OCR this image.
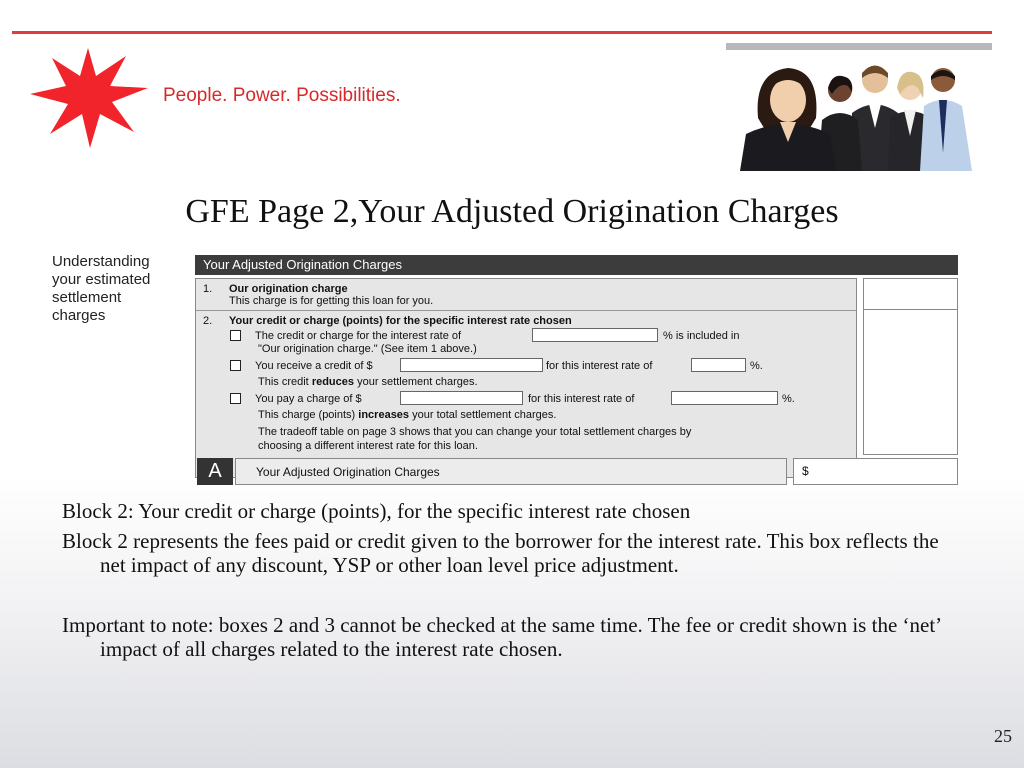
People. Power. Possibilities.
GFE Page 2,Your Adjusted Origination Charges
Understanding
your estimated
settlement
charges
Your Adjusted Origination Charges
1. Our origination charge
This charge is for getting this loan for you.
2. Your credit or charge (points) for the specific interest rate chosen
The credit or charge for the interest rate of	% is included in
"Our origination charge." (See item 1 above.)
You receive a credit of $	for this interest rate of	%.
This credit reduces your settlement charges.
You pay a charge of $	for this interest rate of	%.
This charge (points) increases your total settlement charges.
The tradeoff table on page 3 shows that you can change your total settlement charges by
choosing a different interest rate for this loan.
A	Your Adjusted Origination Charges	$

Block 2: Your credit or charge (points), for the specific interest rate chosen

Block 2 represents the fees paid or credit given to the borrower for the interest rate. This box reflects the net impact of any discount, YSP or other loan level price adjustment.

Important to note: boxes 2 and 3 cannot be checked at the same time. The fee or credit shown is the ‘net’ impact of all charges related to the interest rate chosen.

25
